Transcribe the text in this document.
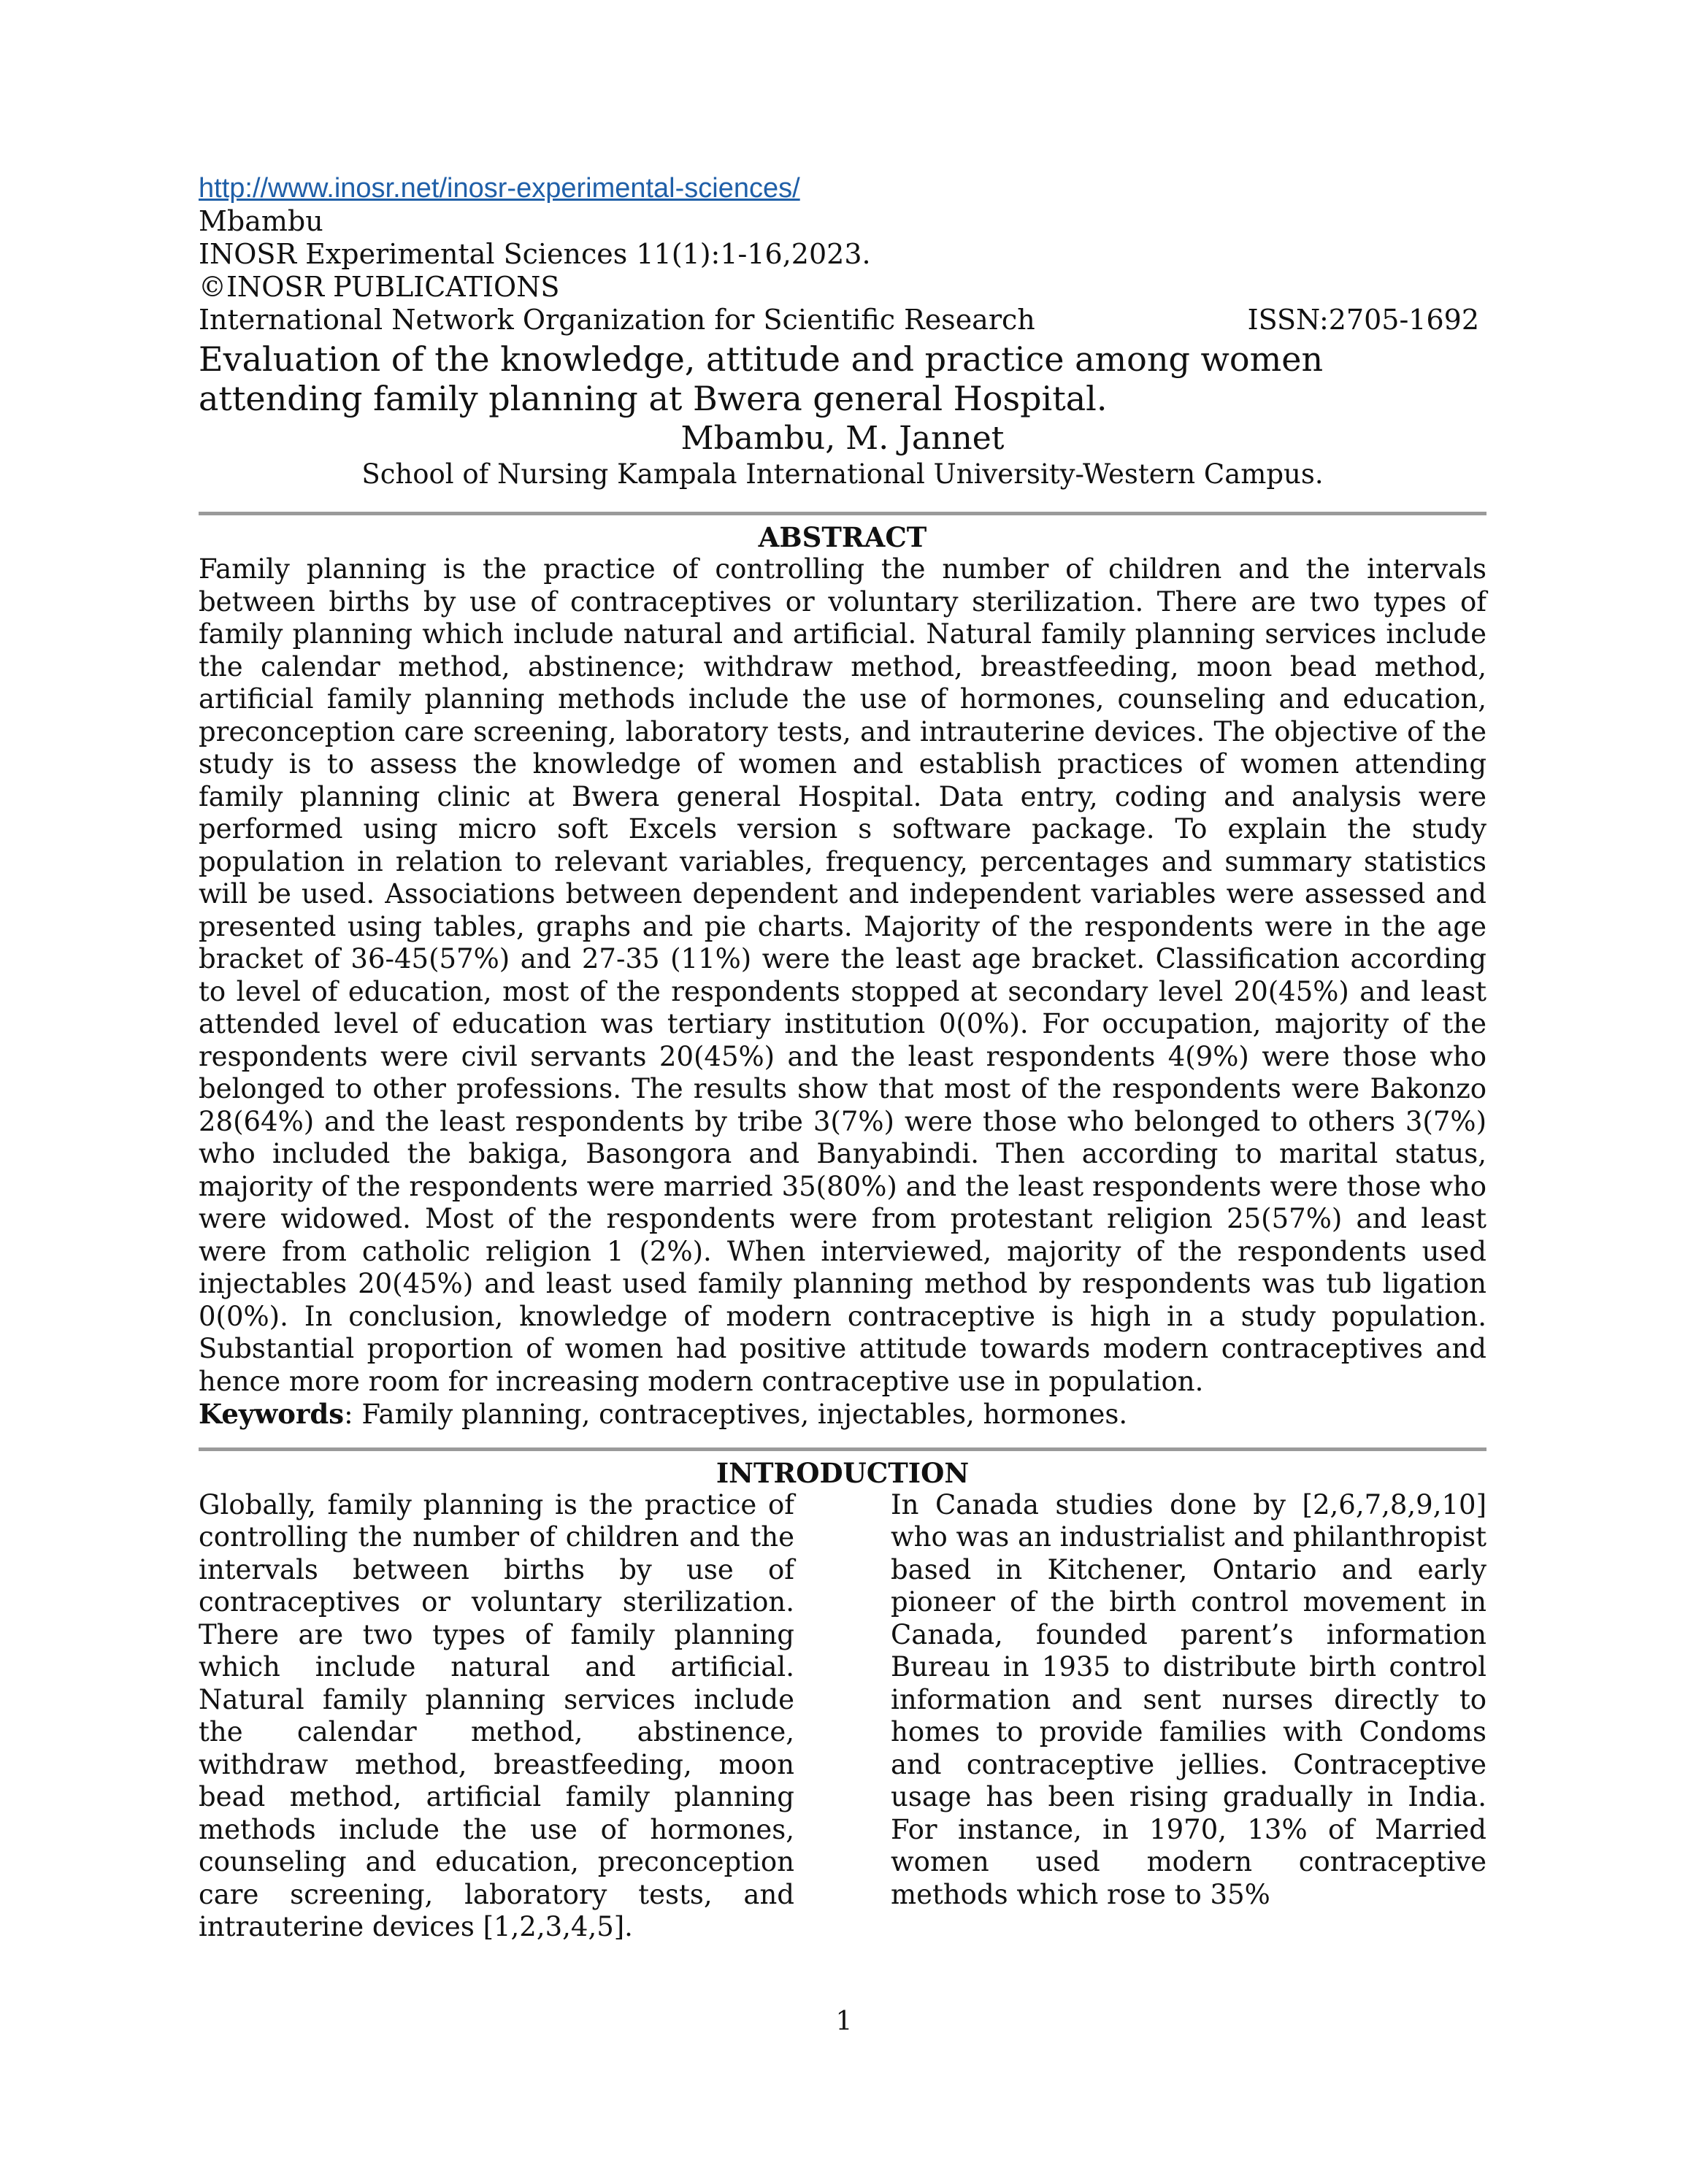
http://www.inosr.net/inosr-experimental-sciences/
Mbambu
INOSR Experimental Sciences 11(1):1-16,2023.
©INOSR PUBLICATIONS
International Network Organization for Scientific Research	ISSN:2705-1692
Evaluation of the knowledge, attitude and practice among women attending family planning at Bwera general Hospital.
Mbambu, M. Jannet
School of Nursing Kampala International University-Western Campus.
ABSTRACT
Family planning is the practice of controlling the number of children and the intervals between births by use of contraceptives or voluntary sterilization. There are two types of family planning which include natural and artificial. Natural family planning services include the calendar method, abstinence; withdraw method, breastfeeding, moon bead method, artificial family planning methods include the use of hormones, counseling and education, preconception care screening, laboratory tests, and intrauterine devices. The objective of the study is to assess the knowledge of women and establish practices of women attending family planning clinic at Bwera general Hospital. Data entry, coding and analysis were performed using micro soft Excels version s software package. To explain the study population in relation to relevant variables, frequency, percentages and summary statistics will be used. Associations between dependent and independent variables were assessed and presented using tables, graphs and pie charts. Majority of the respondents were in the age bracket of 36-45(57%) and 27-35 (11%) were the least age bracket. Classification according to level of education, most of the respondents stopped at secondary level 20(45%) and least attended level of education was tertiary institution 0(0%). For occupation, majority of the respondents were civil servants 20(45%) and the least respondents 4(9%) were those who belonged to other professions. The results show that most of the respondents were Bakonzo 28(64%) and the least respondents by tribe 3(7%) were those who belonged to others 3(7%) who included the bakiga, Basongora and Banyabindi. Then according to marital status, majority of the respondents were married 35(80%) and the least respondents were those who were widowed. Most of the respondents were from protestant religion 25(57%) and least were from catholic religion 1 (2%). When interviewed, majority of the respondents used injectables 20(45%) and least used family planning method by respondents was tub ligation 0(0%). In conclusion, knowledge of modern contraceptive is high in a study population. Substantial proportion of women had positive attitude towards modern contraceptives and hence more room for increasing modern contraceptive use in population.
Keywords: Family planning, contraceptives, injectables, hormones.
INTRODUCTION
Globally, family planning is the practice of controlling the number of children and the intervals between births by use of contraceptives or voluntary sterilization. There are two types of family planning which include natural and artificial. Natural family planning services include the calendar method, abstinence, withdraw method, breastfeeding, moon bead method, artificial family planning methods include the use of hormones, counseling and education, preconception care screening, laboratory tests, and intrauterine devices [1,2,3,4,5].
In Canada studies done by [2,6,7,8,9,10] who was an industrialist and philanthropist based in Kitchener, Ontario and early pioneer of the birth control movement in Canada, founded parent’s information Bureau in 1935 to distribute birth control information and sent nurses directly to homes to provide families with Condoms and contraceptive jellies. Contraceptive usage has been rising gradually in India. For instance, in 1970, 13% of Married women used modern contraceptive methods which rose to 35%
1
